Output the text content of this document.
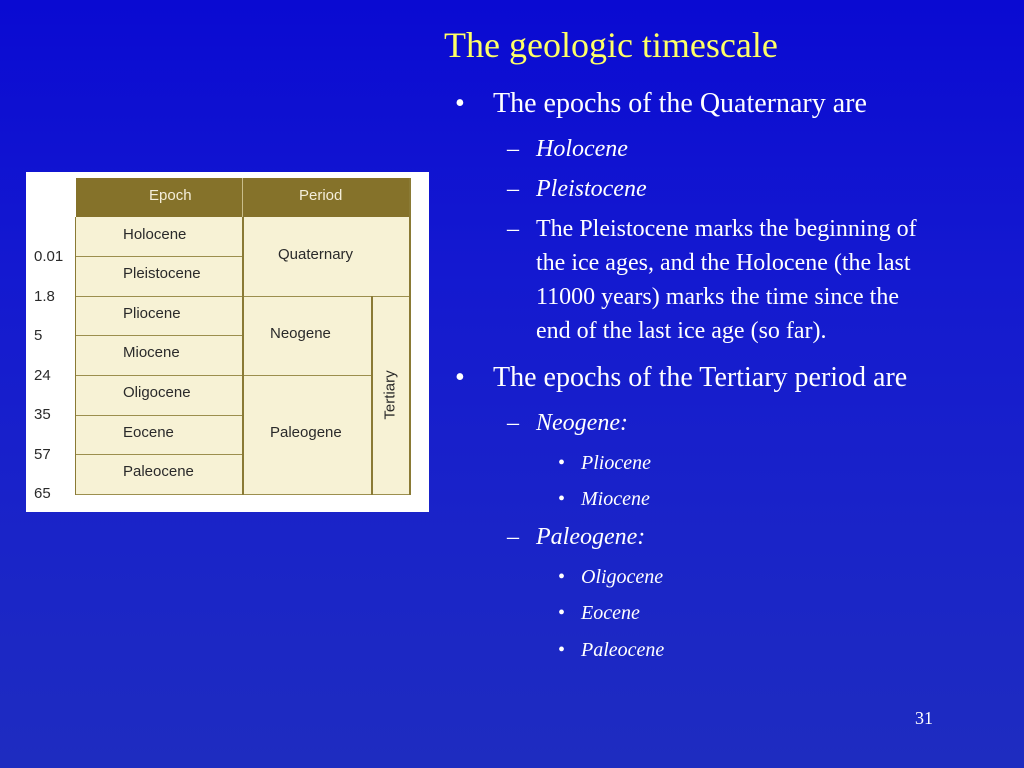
The geologic timescale
Epoch	Period
Holocene
Pleistocene
Pliocene
Miocene
Oligocene
Eocene
Paleocene
Quaternary
Neogene
Paleogene
Tertiary
0.01
1.8
5
24
35
57
65
• The epochs of the Quaternary are
– Holocene
– Pleistocene
– The Pleistocene marks the beginning of
the ice ages, and the Holocene (the last
11000 years) marks the time since the
end of the last ice age (so far).
• The epochs of the Tertiary period are
– Neogene:
• Pliocene
• Miocene
– Paleogene:
• Oligocene
• Eocene
• Paleocene
31
